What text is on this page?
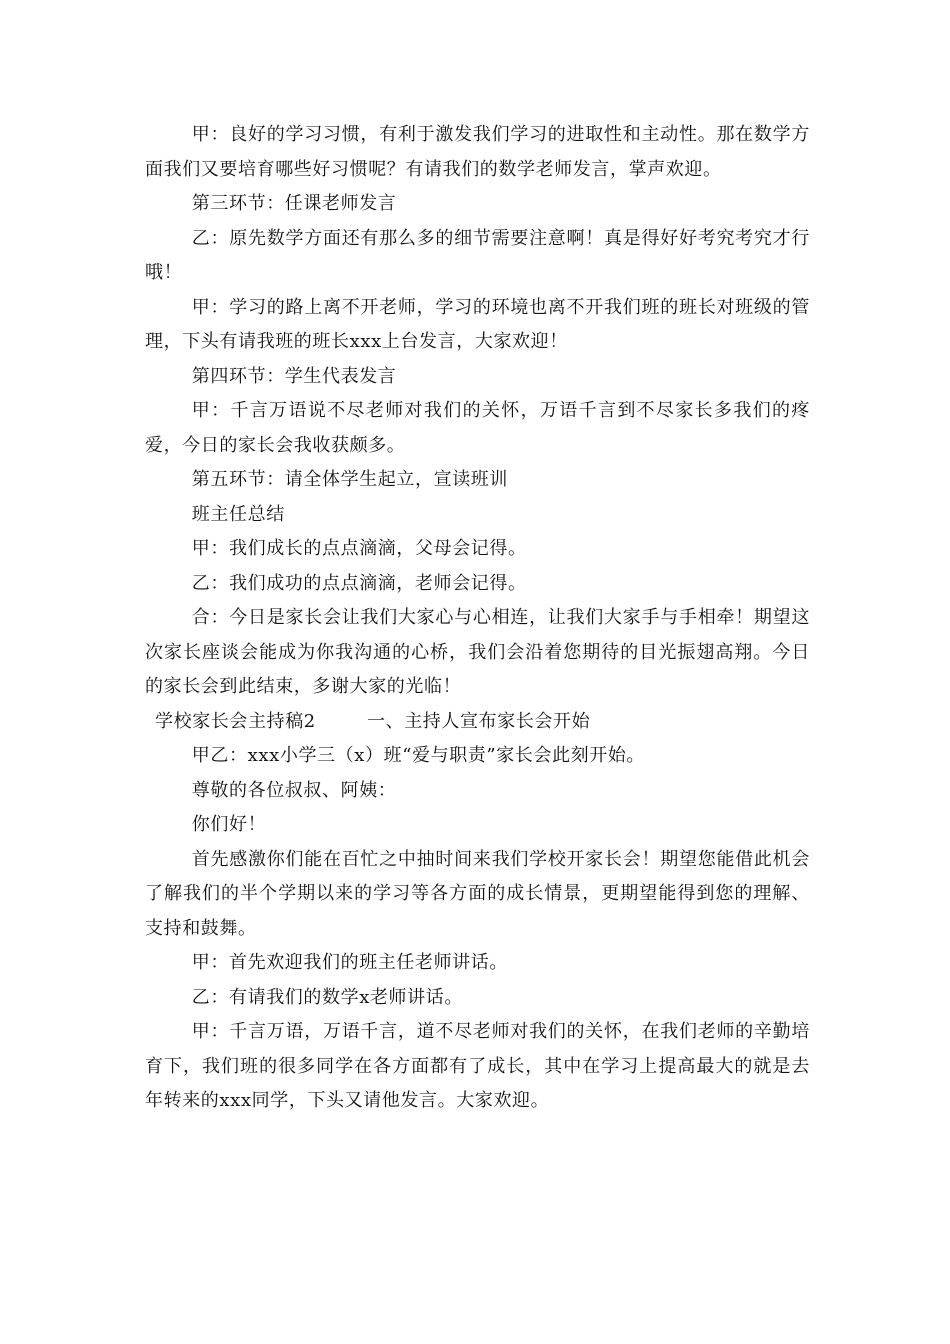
甲：良好的学习习惯，有利于激发我们学习的进取性和主动性。那在数学方面我们又要培育哪些好习惯呢？有请我们的数学老师发言，掌声欢迎。

第三环节：任课老师发言

乙：原先数学方面还有那么多的细节需要注意啊！真是得好好考究考究才行哦！

甲：学习的路上离不开老师，学习的环境也离不开我们班的班长对班级的管理，下头有请我班的班长xxx上台发言，大家欢迎！

第四环节：学生代表发言

甲：千言万语说不尽老师对我们的关怀，万语千言到不尽家长多我们的疼爱，今日的家长会我收获颇多。

第五环节：请全体学生起立，宣读班训

班主任总结

甲：我们成长的点点滴滴，父母会记得。

乙：我们成功的点点滴滴，老师会记得。

合：今日是家长会让我们大家心与心相连，让我们大家手与手相牵！期望这次家长座谈会能成为你我沟通的心桥，我们会沿着您期待的目光振翅高翔。今日的家长会到此结束，多谢大家的光临！

学校家长会主持稿2	一、主持人宣布家长会开始

甲乙：xxx小学三（x）班“爱与职责”家长会此刻开始。

尊敬的各位叔叔、阿姨：

你们好！

首先感激你们能在百忙之中抽时间来我们学校开家长会！期望您能借此机会了解我们的半个学期以来的学习等各方面的成长情景，更期望能得到您的理解、支持和鼓舞。

甲：首先欢迎我们的班主任老师讲话。

乙：有请我们的数学x老师讲话。

甲：千言万语，万语千言，道不尽老师对我们的关怀，在我们老师的辛勤培育下，我们班的很多同学在各方面都有了成长，其中在学习上提高最大的就是去年转来的xxx同学，下头又请他发言。大家欢迎。
